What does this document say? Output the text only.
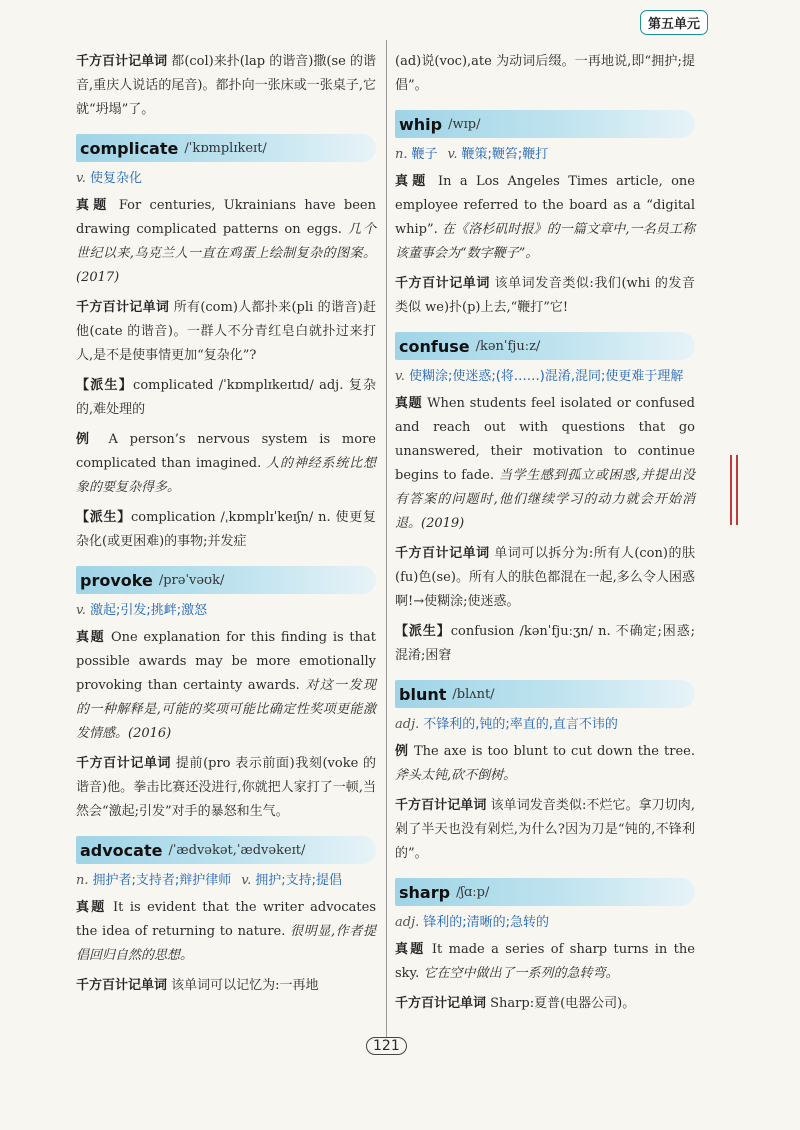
第五单元

千方百计记单词 都(col)来扑(lap 的谐音)撒(se 的谐音,重庆人说话的尾音)。都扑向一张床或一张桌子,它就“坍塌”了。

complicate /ˈkɒmplɪkeɪt/
v. 使复杂化

真题 For centuries, Ukrainians have been drawing complicated patterns on eggs. 几个世纪以来,乌克兰人一直在鸡蛋上绘制复杂的图案。(2017)

千方百计记单词 所有(com)人都扑来(pli 的谐音)赶他(cate 的谐音)。一群人不分青红皂白就扑过来打人,是不是使事情更加“复杂化”?

【派生】complicated /ˈkɒmplɪkeɪtɪd/ adj. 复杂的,难处理的

例 A person’s nervous system is more complicated than imagined. 人的神经系统比想象的要复杂得多。

【派生】complication /ˌkɒmplɪˈkeɪʃn/ n. 使更复杂化(或更困难)的事物;并发症

provoke /prəˈvəʊk/
v. 激起;引发;挑衅;激怒

真题 One explanation for this finding is that possible awards may be more emotionally provoking than certainty awards. 对这一发现的一种解释是,可能的奖项可能比确定性奖项更能激发情感。(2016)

千方百计记单词 提前(pro 表示前面)我刻(voke 的谐音)他。拳击比赛还没进行,你就把人家打了一顿,当然会“激起;引发”对手的暴怒和生气。

advocate /ˈædvəkət,ˈædvəkeɪt/
n. 拥护者;支持者;辩护律师 v. 拥护;支持;提倡

真题 It is evident that the writer advocates the idea of returning to nature. 很明显,作者提倡回归自然的思想。

千方百计记单词 该单词可以记忆为:一再地

(ad)说(voc),ate 为动词后缀。一再地说,即“拥护;提倡”。

whip /wɪp/
n. 鞭子 v. 鞭策;鞭笞;鞭打

真题 In a Los Angeles Times article, one employee referred to the board as a “digital whip”. 在《洛杉矶时报》的一篇文章中,一名员工称该董事会为“数字鞭子”。

千方百计记单词 该单词发音类似:我们(whi 的发音类似 we)扑(p)上去,“鞭打”它!

confuse /kənˈfjuːz/
v. 使糊涂;使迷惑;(将……)混淆,混同;使更难于理解

真题 When students feel isolated or confused and reach out with questions that go unanswered, their motivation to continue begins to fade. 当学生感到孤立或困惑,并提出没有答案的问题时,他们继续学习的动力就会开始消退。(2019)

千方百计记单词 单词可以拆分为:所有人(con)的肤(fu)色(se)。所有人的肤色都混在一起,多么令人困惑啊!→使糊涂;使迷惑。

【派生】confusion /kənˈfjuːʒn/ n. 不确定;困惑;混淆;困窘

blunt /blʌnt/
adj. 不锋利的,钝的;率直的,直言不讳的

例 The axe is too blunt to cut down the tree. 斧头太钝,砍不倒树。

千方百计记单词 该单词发音类似:不烂它。拿刀切肉,剁了半天也没有剁烂,为什么?因为刀是“钝的,不锋利的”。

sharp /ʃɑːp/
adj. 锋利的;清晰的;急转的

真题 It made a series of sharp turns in the sky. 它在空中做出了一系列的急转弯。

千方百计记单词 Sharp:夏普(电器公司)。

121
